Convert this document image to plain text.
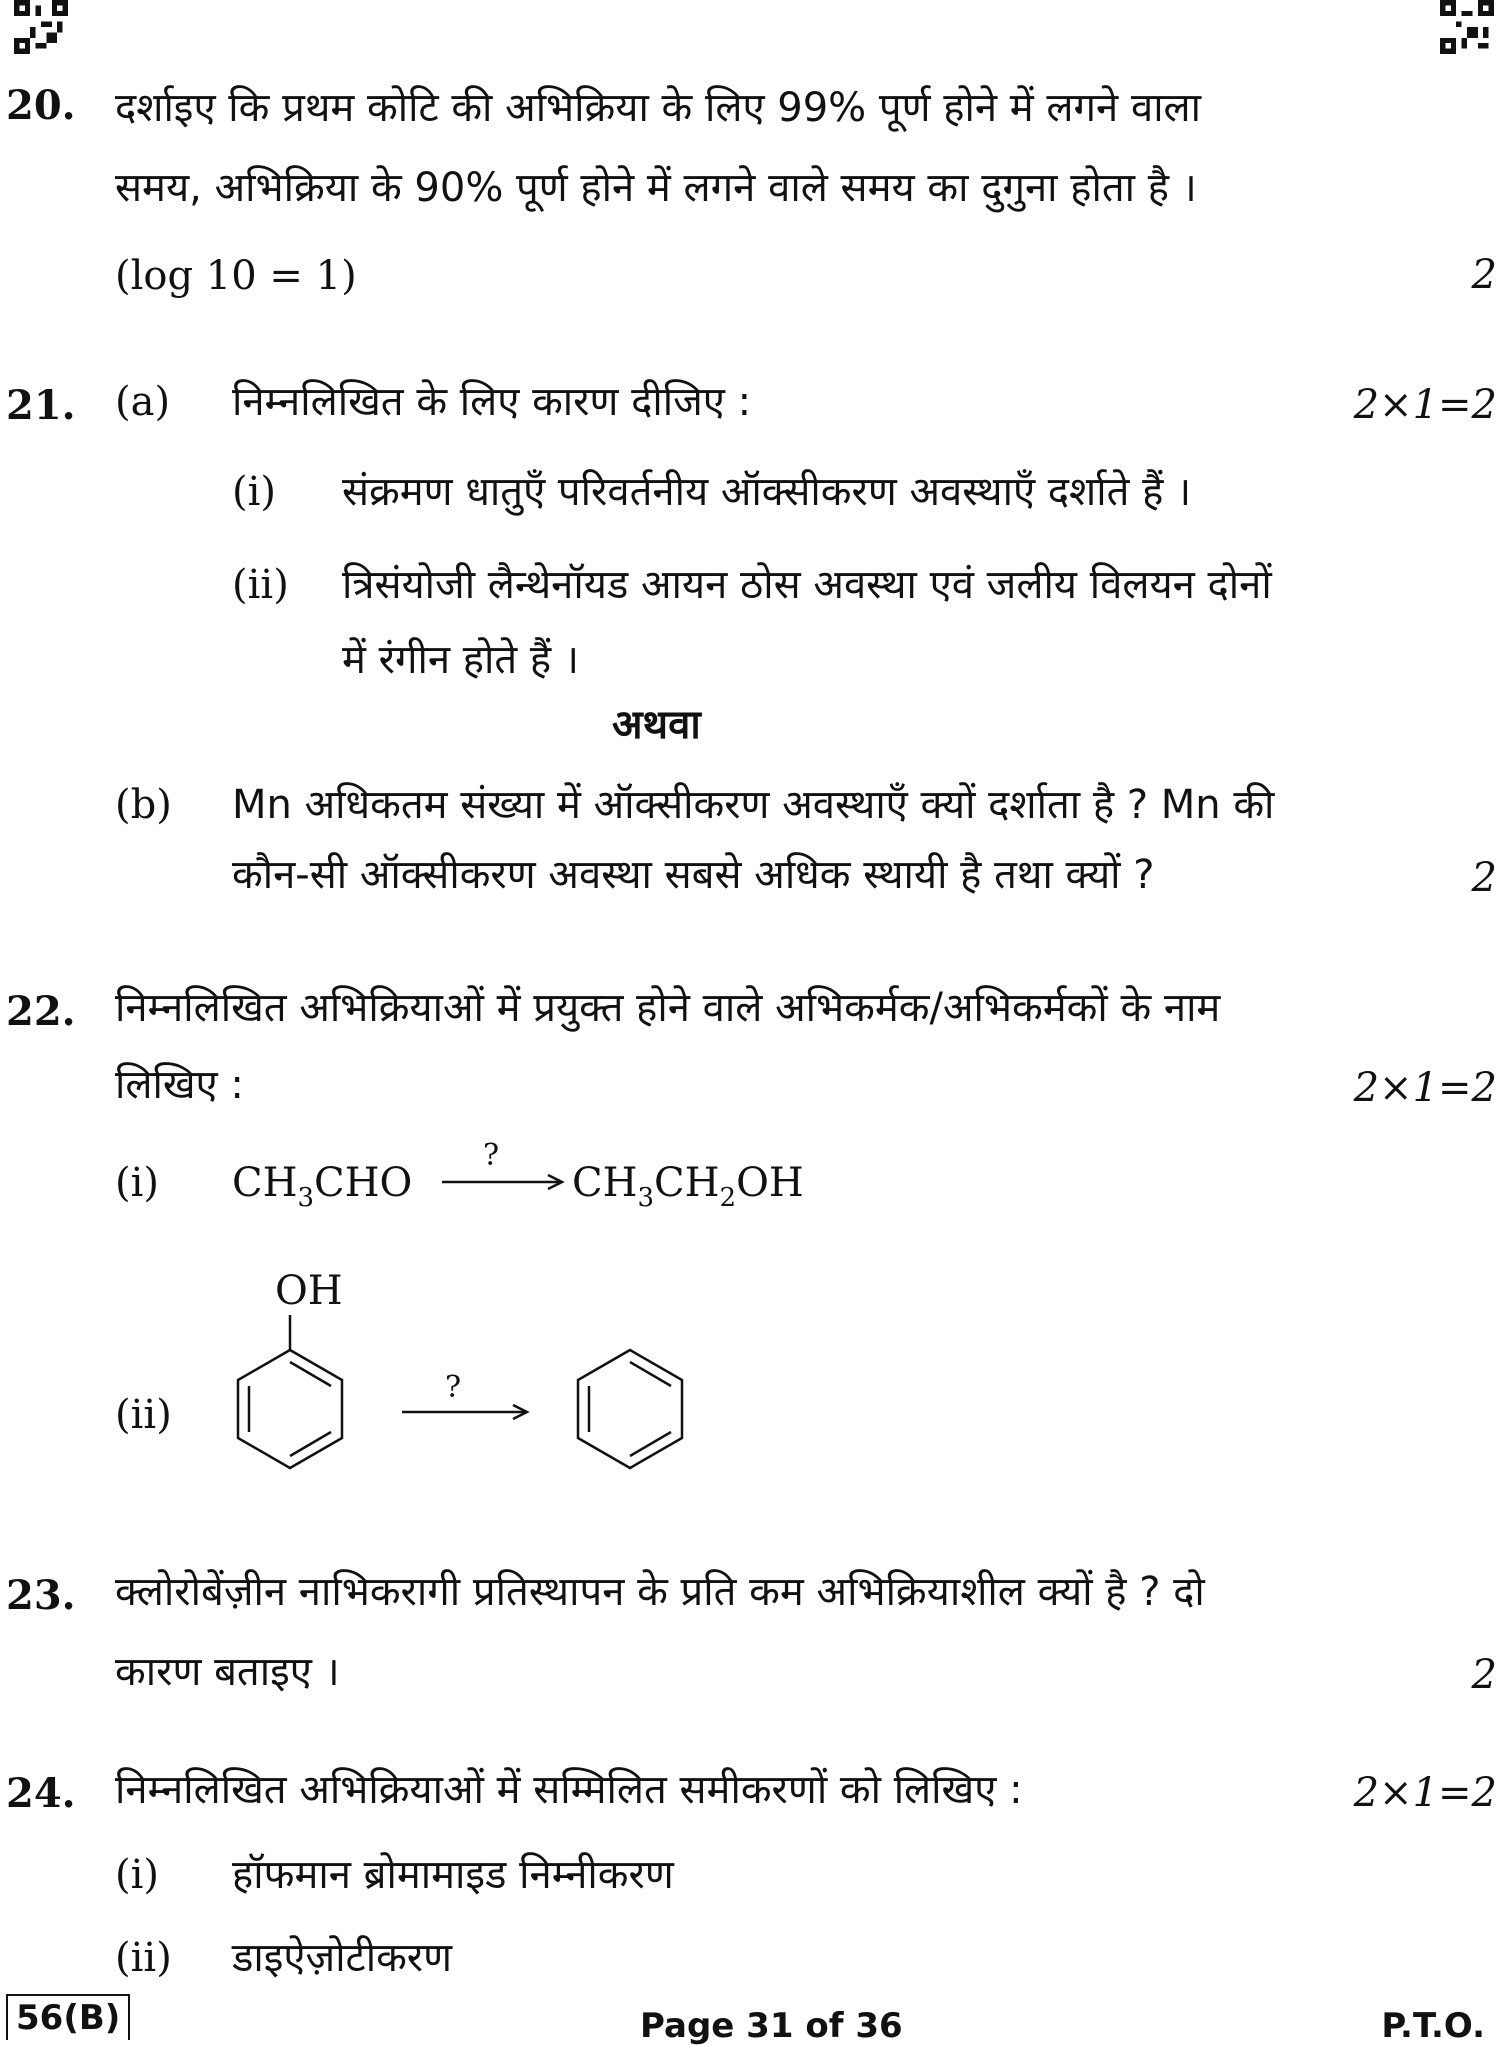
20. दर्शाइए कि प्रथम कोटि की अभिक्रिया के लिए 99% पूर्ण होने में लगने वाला
समय, अभिक्रिया के 90% पूर्ण होने में लगने वाले समय का दुगुना होता है ।
(log 10 = 1)	2
21. (a) निम्नलिखित के लिए कारण दीजिए :	2×1=2
(i) संक्रमण धातुएँ परिवर्तनीय ऑक्सीकरण अवस्थाएँ दर्शाते हैं ।
(ii) त्रिसंयोजी लैन्थेनॉयड आयन ठोस अवस्था एवं जलीय विलयन दोनों
में रंगीन होते हैं ।
अथवा
(b) Mn अधिकतम संख्या में ऑक्सीकरण अवस्थाएँ क्यों दर्शाता है ? Mn की
कौन-सी ऑक्सीकरण अवस्था सबसे अधिक स्थायी है तथा क्यों ?	2
22. निम्नलिखित अभिक्रियाओं में प्रयुक्त होने वाले अभिकर्मक/अभिकर्मकों के नाम
लिखिए :	2×1=2
(i) $CH_3CHO$
?
$CH_3CH_2OH$
OH
(ii)
?
23. क्लोरोबेंज़ीन नाभिकरागी प्रतिस्थापन के प्रति कम अभिक्रियाशील क्यों है ? दो
कारण बताइए ।	2
24. निम्नलिखित अभिक्रियाओं में सम्मिलित समीकरणों को लिखिए :	2×1=2
(i) हॉफमान ब्रोमामाइड निम्नीकरण
(ii) डाइऐज़ोटीकरण
56(B)	Page 31 of 36	P.T.O.
